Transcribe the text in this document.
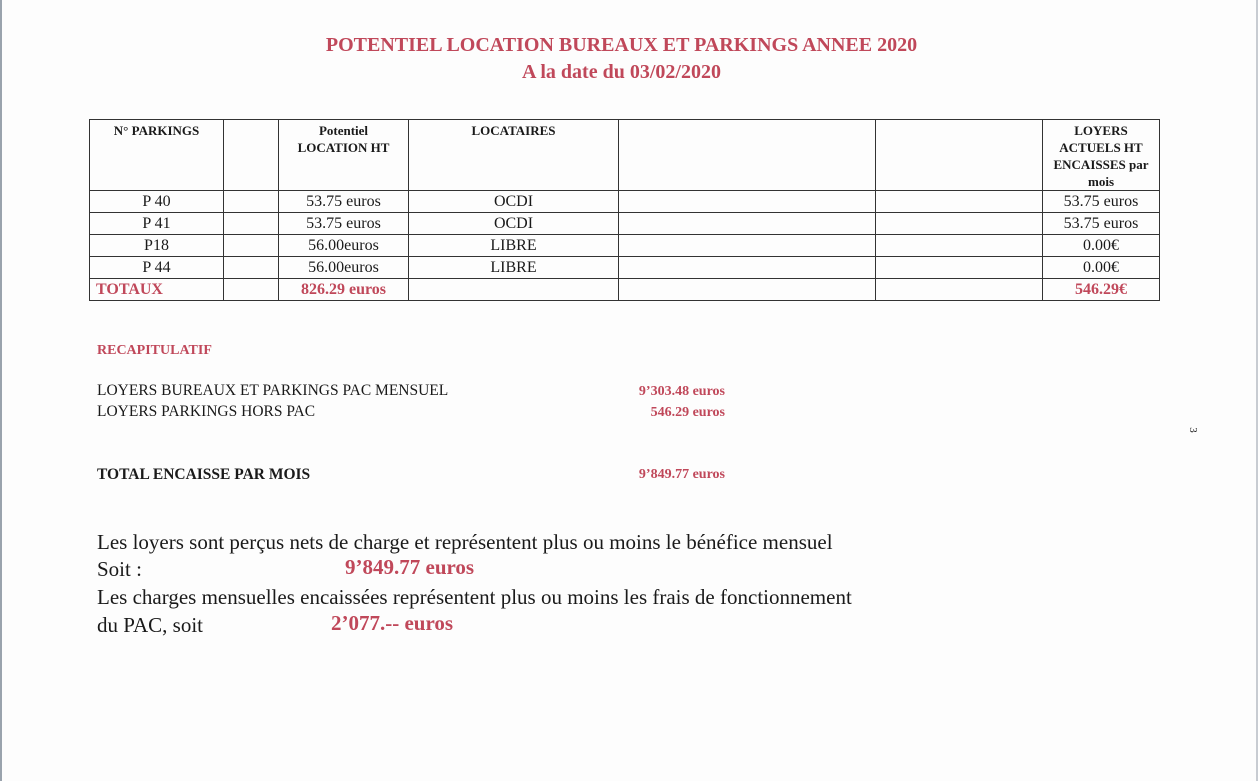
POTENTIEL LOCATION BUREAUX ET PARKINGS ANNEE 2020
A la date du 03/02/2020
N° PARKINGS		Potentiel LOCATION HT	LOCATAIRES			LOYERS ACTUELS HT ENCAISSES par mois
P 40		53.75 euros	OCDI			53.75 euros
P 41		53.75 euros	OCDI			53.75 euros
P18		56.00euros	LIBRE			0.00€
P 44		56.00euros	LIBRE			0.00€
TOTAUX		826.29 euros				546.29€
RECAPITULATIF
LOYERS BUREAUX ET PARKINGS PAC MENSUEL	9’303.48 euros
LOYERS PARKINGS HORS PAC	546.29 euros
TOTAL ENCAISSE PAR MOIS	9’849.77 euros
Les loyers sont perçus nets de charge et représentent plus ou moins le bénéfice mensuel
Soit :	9’849.77 euros
Les charges mensuelles encaissées représentent plus ou moins les frais de fonctionnement
du PAC, soit	2’077.-- euros
3
